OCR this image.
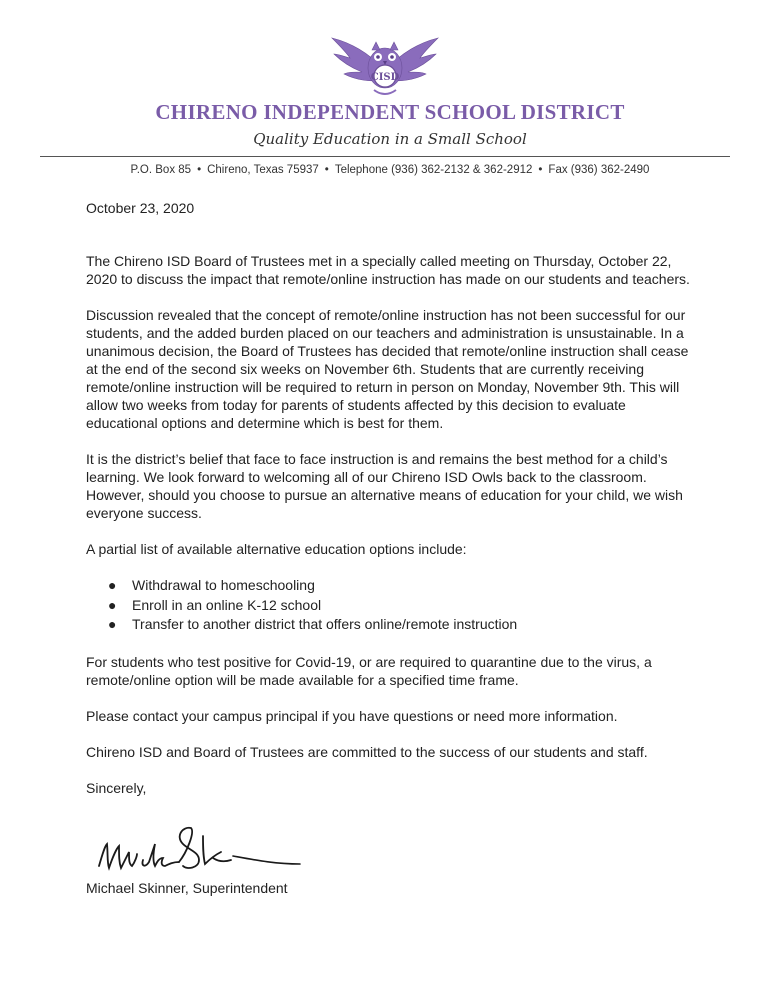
CISD
CHIRENO INDEPENDENT SCHOOL DISTRICT
Quality Education in a Small School
P.O. Box 85 • Chireno, Texas 75937 • Telephone (936) 362-2132 & 362-2912 • Fax (936) 362-2490
October 23, 2020

The Chireno ISD Board of Trustees met in a specially called meeting on Thursday, October 22, 2020 to discuss the impact that remote/online instruction has made on our students and teachers.

Discussion revealed that the concept of remote/online instruction has not been successful for our students, and the added burden placed on our teachers and administration is unsustainable. In a unanimous decision, the Board of Trustees has decided that remote/online instruction shall cease at the end of the second six weeks on November 6th. Students that are currently receiving remote/online instruction will be required to return in person on Monday, November 9th. This will allow two weeks from today for parents of students affected by this decision to evaluate educational options and determine which is best for them.

It is the district’s belief that face to face instruction is and remains the best method for a child’s learning. We look forward to welcoming all of our Chireno ISD Owls back to the classroom. However, should you choose to pursue an alternative means of education for your child, we wish everyone success.

A partial list of available alternative education options include:

● Withdrawal to homeschooling
● Enroll in an online K-12 school
● Transfer to another district that offers online/remote instruction

For students who test positive for Covid-19, or are required to quarantine due to the virus, a remote/online option will be made available for a specified time frame.

Please contact your campus principal if you have questions or need more information.

Chireno ISD and Board of Trustees are committed to the success of our students and staff.

Sincerely,

Michael Skinner, Superintendent
